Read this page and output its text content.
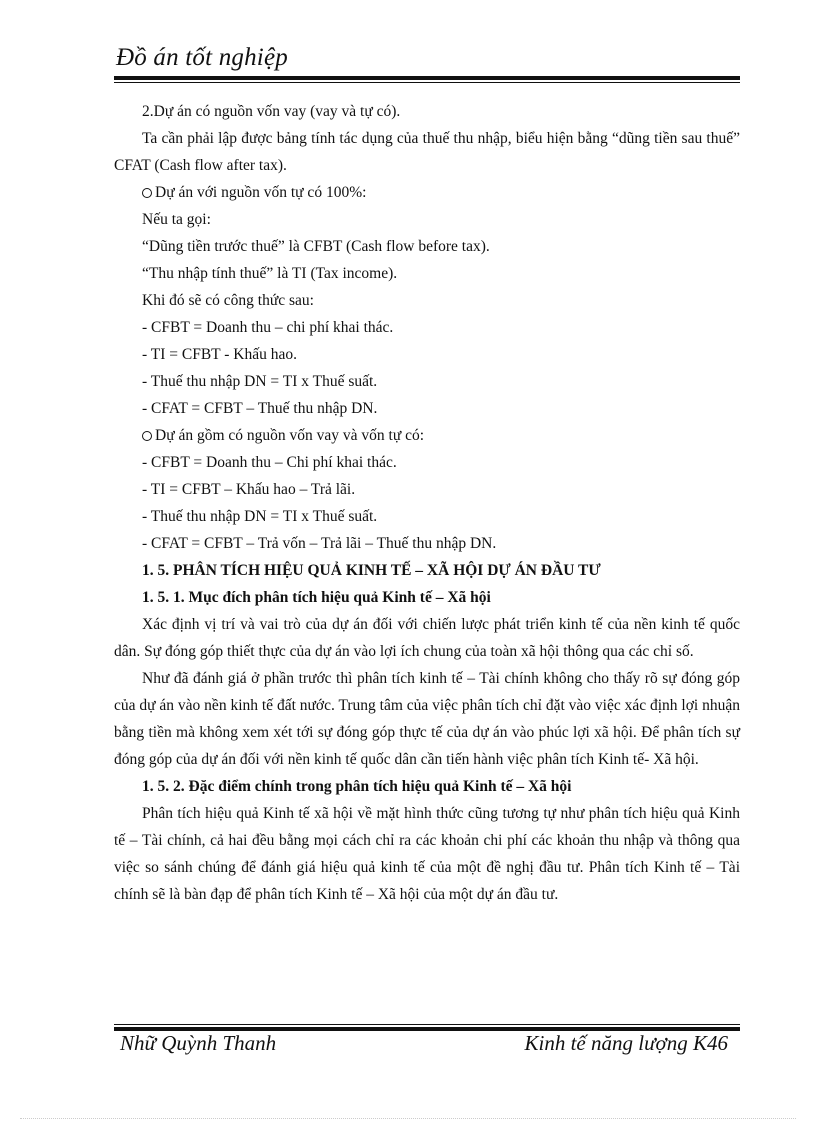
Đồ án tốt nghiệp

2.Dự án có nguồn vốn vay (vay và tự có).

Ta cần phải lập được bảng tính tác dụng của thuế thu nhập, biểu hiện bằng “dũng tiền sau thuế” CFAT (Cash flow after tax).

Dự án với nguồn vốn tự có 100%:

Nếu ta gọi:

“Dũng tiền trước thuế” là CFBT (Cash flow before tax).

“Thu nhập tính thuế” là TI (Tax income).

Khi đó sẽ có công thức sau:

- CFBT = Doanh thu – chi phí khai thác.

- TI = CFBT - Khấu hao.

- Thuế thu nhập DN = TI x Thuế suất.

- CFAT = CFBT – Thuế thu nhập DN.

Dự án gồm có nguồn vốn vay và vốn tự có:

- CFBT = Doanh thu – Chi phí khai thác.

- TI = CFBT – Khấu hao – Trả lãi.

- Thuế thu nhập DN = TI x Thuế suất.

- CFAT = CFBT – Trả vốn – Trả lãi – Thuế thu nhập DN.

1. 5. PHÂN TÍCH HIỆU QUẢ KINH TẾ – XÃ HỘI DỰ ÁN ĐẦU TƯ

1. 5. 1. Mục đích phân tích hiệu quả Kinh tế – Xã hội

Xác định vị trí và vai trò của dự án đối với chiến lược phát triển kinh tế của nền kinh tế quốc dân. Sự đóng góp thiết thực của dự án vào lợi ích chung của toàn xã hội thông qua các chỉ số.

Như đã đánh giá ở phần trước thì phân tích kinh tế – Tài chính không cho thấy rõ sự đóng góp của dự án vào nền kinh tế đất nước. Trung tâm của việc phân tích chỉ đặt vào việc xác định lợi nhuận bằng tiền mà không xem xét tới sự đóng góp thực tế của dự án vào phúc lợi xã hội. Để phân tích sự đóng góp của dự án đối với nền kinh tế quốc dân cần tiến hành việc phân tích Kinh tế- Xã hội.

1. 5. 2. Đặc điểm chính trong phân tích hiệu quả Kinh tế – Xã hội

Phân tích hiệu quả Kinh tế xã hội về mặt hình thức cũng tương tự như phân tích hiệu quả Kinh tế – Tài chính, cả hai đều bằng mọi cách chỉ ra các khoản chi phí các khoản thu nhập và thông qua việc so sánh chúng để đánh giá hiệu quả kinh tế của một đề nghị đầu tư. Phân tích Kinh tế – Tài chính sẽ là bàn đạp để phân tích Kinh tế – Xã hội của một dự án đầu tư.

Nhữ Quỳnh Thanh	Kinh tế năng lượng K46
